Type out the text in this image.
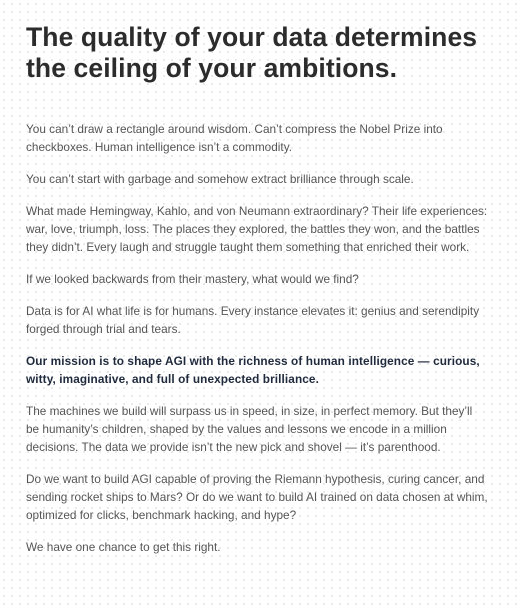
The quality of your data determines the ceiling of your ambitions.

You can’t draw a rectangle around wisdom. Can’t compress the Nobel Prize into checkboxes. Human intelligence isn’t a commodity.

You can’t start with garbage and somehow extract brilliance through scale.

What made Hemingway, Kahlo, and von Neumann extraordinary? Their life experiences: war, love, triumph, loss. The places they explored, the battles they won, and the battles they didn’t. Every laugh and struggle taught them something that enriched their work.

If we looked backwards from their mastery, what would we find?

Data is for AI what life is for humans. Every instance elevates it: genius and serendipity forged through trial and tears.

Our mission is to shape AGI with the richness of human intelligence — curious, witty, imaginative, and full of unexpected brilliance.

The machines we build will surpass us in speed, in size, in perfect memory. But they’ll be humanity’s children, shaped by the values and lessons we encode in a million decisions. The data we provide isn’t the new pick and shovel — it’s parenthood.

Do we want to build AGI capable of proving the Riemann hypothesis, curing cancer, and sending rocket ships to Mars? Or do we want to build AI trained on data chosen at whim, optimized for clicks, benchmark hacking, and hype?

We have one chance to get this right.
